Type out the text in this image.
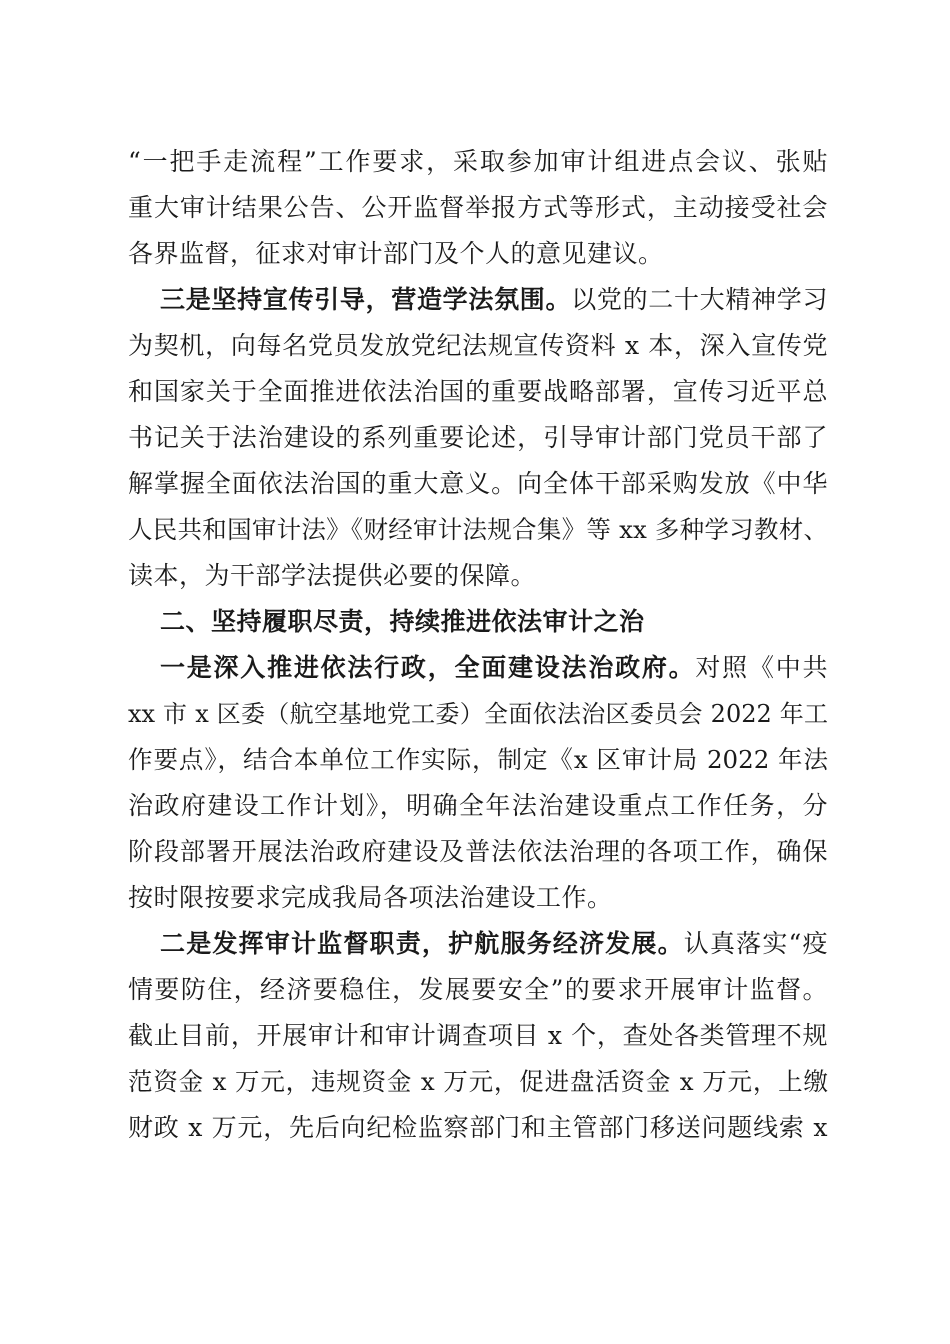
“一把手走流程”工作要求，采取参加审计组进点会议、张贴
重大审计结果公告、公开监督举报方式等形式，主动接受社会
各界监督，征求对审计部门及个人的意见建议。
三是坚持宣传引导，营造学法氛围。以党的二十大精神学习
为契机，向每名党员发放党纪法规宣传资料 x 本，深入宣传党
和国家关于全面推进依法治国的重要战略部署，宣传习近平总
书记关于法治建设的系列重要论述，引导审计部门党员干部了
解掌握全面依法治国的重大意义。向全体干部采购发放《中华
人民共和国审计法》《财经审计法规合集》等 xx 多种学习教材、
读本，为干部学法提供必要的保障。
二、坚持履职尽责，持续推进依法审计之治
一是深入推进依法行政，全面建设法治政府。对照《中共
xx 市 x 区委（航空基地党工委）全面依法治区委员会 2022 年工
作要点》，结合本单位工作实际，制定《x 区审计局 2022 年法
治政府建设工作计划》，明确全年法治建设重点工作任务，分
阶段部署开展法治政府建设及普法依法治理的各项工作，确保
按时限按要求完成我局各项法治建设工作。
二是发挥审计监督职责，护航服务经济发展。认真落实“疫
情要防住，经济要稳住，发展要安全”的要求开展审计监督。
截止目前，开展审计和审计调查项目 x 个，查处各类管理不规
范资金 x 万元，违规资金 x 万元，促进盘活资金 x 万元，上缴
财政 x 万元，先后向纪检监察部门和主管部门移送问题线索 x
